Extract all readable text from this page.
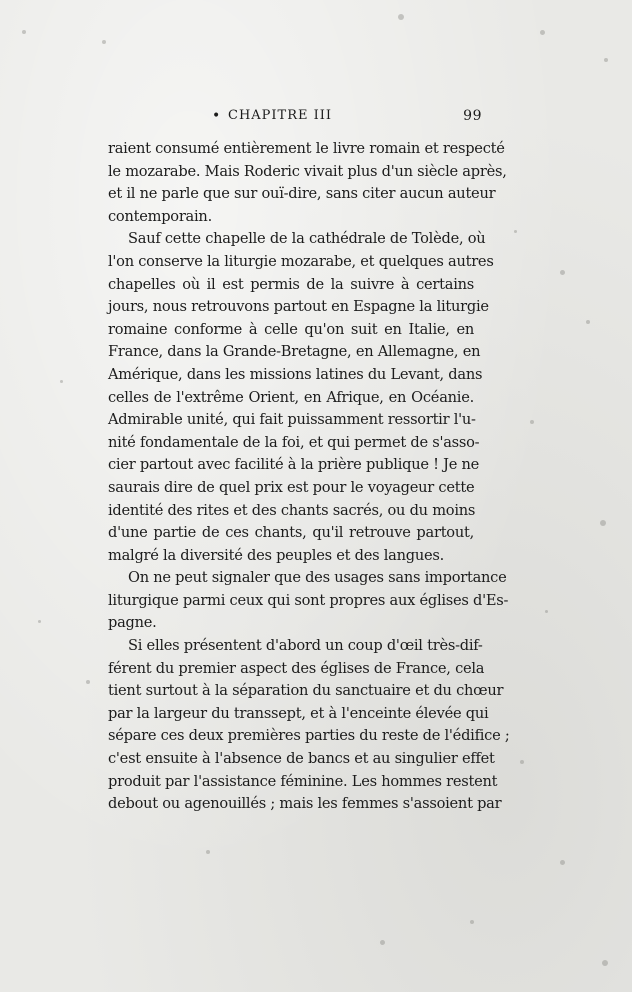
• CHAPITRE III	99

raient consumé entièrement le livre romain et respecté
le mozarabe. Mais Roderic vivait plus d'un siècle après,
et il ne parle que sur ouï-dire, sans citer aucun auteur
contemporain.

Sauf cette chapelle de la cathédrale de Tolède, où
l'on conserve la liturgie mozarabe, et quelques autres
chapelles où il est permis de la suivre à certains
jours, nous retrouvons partout en Espagne la liturgie
romaine conforme à celle qu'on suit en Italie, en
France, dans la Grande-Bretagne, en Allemagne, en
Amérique, dans les missions latines du Levant, dans
celles de l'extrême Orient, en Afrique, en Océanie.
Admirable unité, qui fait puissamment ressortir l'u-
nité fondamentale de la foi, et qui permet de s'asso-
cier partout avec facilité à la prière publique ! Je ne
saurais dire de quel prix est pour le voyageur cette
identité des rites et des chants sacrés, ou du moins
d'une partie de ces chants, qu'il retrouve partout,
malgré la diversité des peuples et des langues.

On ne peut signaler que des usages sans importance
liturgique parmi ceux qui sont propres aux églises d'Es-
pagne.

Si elles présentent d'abord un coup d'œil très-dif-
férent du premier aspect des églises de France, cela
tient surtout à la séparation du sanctuaire et du chœur
par la largeur du transsept, et à l'enceinte élevée qui
sépare ces deux premières parties du reste de l'édifice ;
c'est ensuite à l'absence de bancs et au singulier effet
produit par l'assistance féminine. Les hommes restent
debout ou agenouillés ; mais les femmes s'assoient par
